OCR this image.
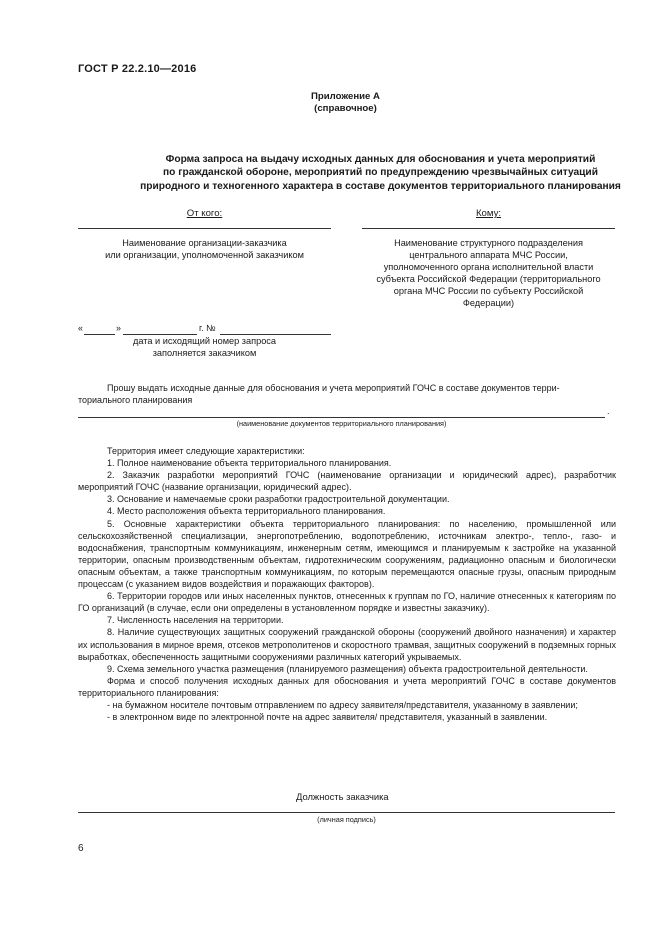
ГОСТ Р 22.2.10—2016
Приложение А
(справочное)
Форма запроса на выдачу исходных данных для обоснования и учета мероприятий
по гражданской обороне, мероприятий по предупреждению чрезвычайных ситуаций
природного и техногенного характера в составе документов территориального планирования
От кого:
Наименование организации-заказчика
или организации, уполномоченной заказчиком
Кому:
Наименование структурного подразделения
центрального аппарата МЧС России,
уполномоченного органа исполнительной власти
субъекта Российской Федерации (территориального
органа МЧС России по субъекту Российской
Федерации)
«	»	г. №
дата и исходящий номер запроса
заполняется заказчиком
Прошу выдать исходные данные для обоснования и учета мероприятий ГОЧС в составе документов терри-
ториального планирования
.
(наименование документов территориального планирования)

Территория имеет следующие характеристики:

1. Полное наименование объекта территориального планирования.

2. Заказчик разработки мероприятий ГОЧС (наименование организации и юридический адрес), разработчик мероприятий ГОЧС (название организации, юридический адрес).

3. Основание и намечаемые сроки разработки градостроительной документации.

4. Место расположения объекта территориального планирования.

5. Основные характеристики объекта территориального планирования: по населению, промышленной или сельскохозяйственной специализации, энергопотреблению, водопотреблению, источникам электро-, тепло-, газо- и водоснабжения, транспортным коммуникациям, инженерным сетям, имеющимся и планируемым к застройке на указанной территории, опасным производственным объектам, гидротехническим сооружениям, радиационно опасным и биологически опасным объектам, а также транспортным коммуникациям, по которым перемещаются опасные грузы, опасным природным процессам (с указанием видов воздействия и поражающих факторов).

6. Территории городов или иных населенных пунктов, отнесенных к группам по ГО, наличие отнесенных к категориям по ГО организаций (в случае, если они определены в установленном порядке и известны заказчику).

7. Численность населения на территории.

8. Наличие существующих защитных сооружений гражданской обороны (сооружений двойного назначения) и характер их использования в мирное время, отсеков метрополитенов и скоростного трамвая, защитных сооружений в подземных горных выработках, обеспеченность защитными сооружениями различных категорий укрываемых.

9. Схема земельного участка размещения (планируемого размещения) объекта градостроительной деятельности.

Форма и способ получения исходных данных для обоснования и учета мероприятий ГОЧС в составе документов территориального планирования:

- на бумажном носителе почтовым отправлением по адресу заявителя/представителя, указанному в заявлении;

- в электронном виде по электронной почте на адрес заявителя/ представителя, указанный в заявлении.

Должность заказчика
(личная подпись)
6
